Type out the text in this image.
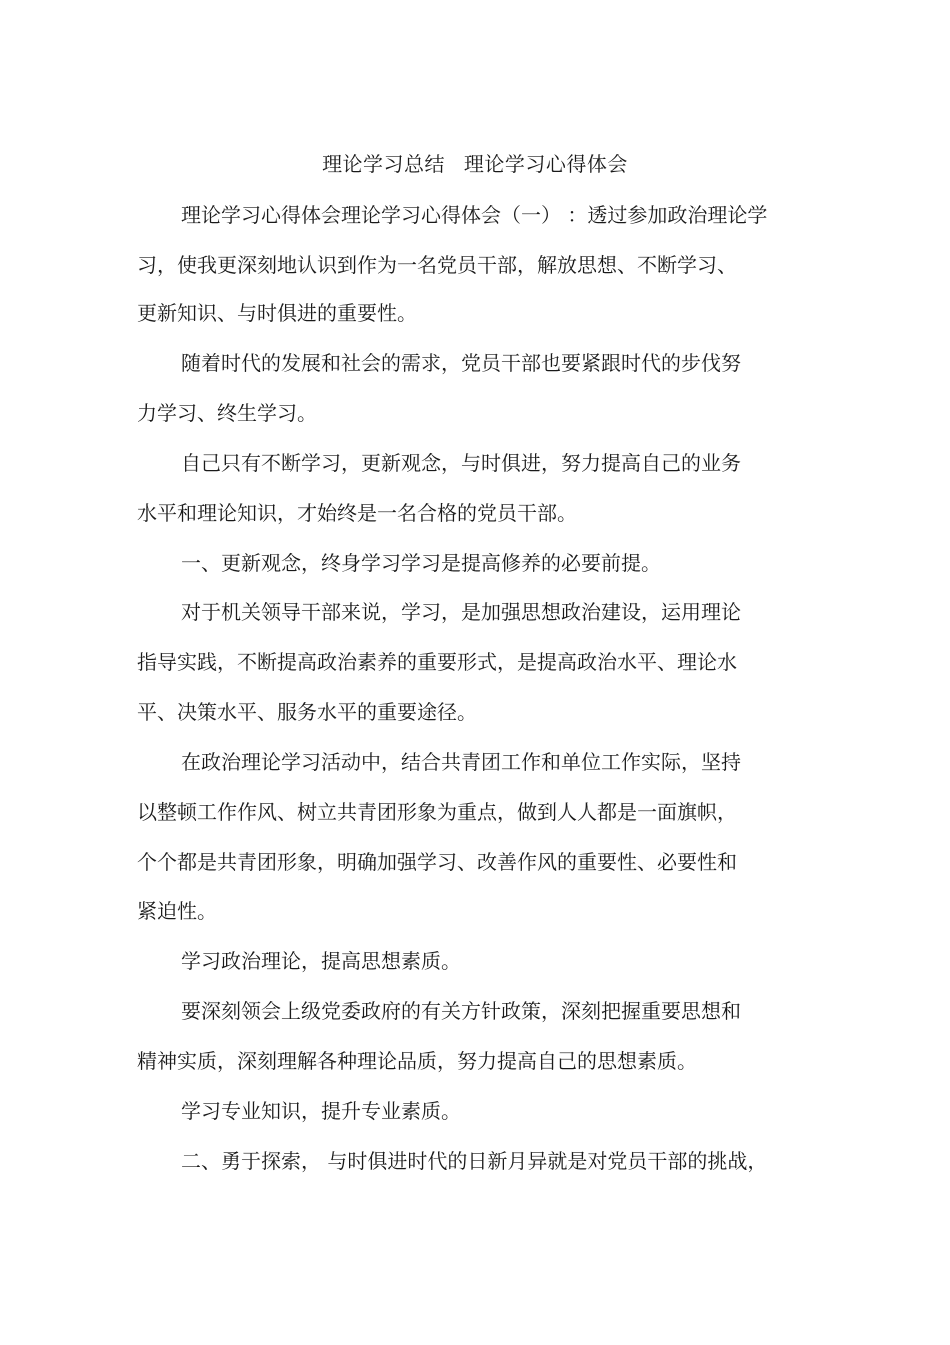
理论学习总结 理论学习心得体会
理论学习心得体会理论学习心得体会（一） ：透过参加政治理论学
习，使我更深刻地认识到作为一名党员干部，解放思想、不断学习、
更新知识、与时俱进的重要性。
随着时代的发展和社会的需求，党员干部也要紧跟时代的步伐努
力学习、终生学习。
自己只有不断学习，更新观念，与时俱进，努力提高自己的业务
水平和理论知识，才始终是一名合格的党员干部。
一、更新观念，终身学习学习是提高修养的必要前提。
对于机关领导干部来说，学习，是加强思想政治建设，运用理论
指导实践，不断提高政治素养的重要形式，是提高政治水平、理论水
平、决策水平、服务水平的重要途径。
在政治理论学习活动中，结合共青团工作和单位工作实际，坚持
以整顿工作作风、树立共青团形象为重点，做到人人都是一面旗帜，
个个都是共青团形象，明确加强学习、改善作风的重要性、必要性和
紧迫性。
学习政治理论，提高思想素质。
要深刻领会上级党委政府的有关方针政策，深刻把握重要思想和
精神实质，深刻理解各种理论品质，努力提高自己的思想素质。
学习专业知识，提升专业素质。
二、勇于探索， 与时俱进时代的日新月异就是对党员干部的挑战，
